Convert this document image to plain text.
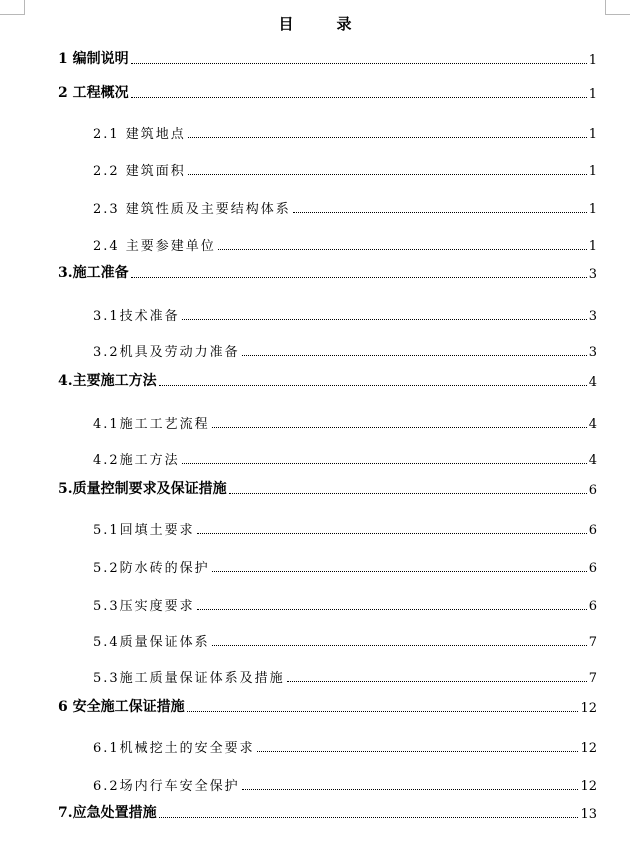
目　录
1 编制说明	1
2 工程概况	1
2.1 建筑地点	1
2.2 建筑面积	1
2.3 建筑性质及主要结构体系	1
2.4 主要参建单位	1
3.施工准备	3
3.1技术准备	3
3.2机具及劳动力准备	3
4.主要施工方法	4
4.1施工工艺流程	4
4.2施工方法	4
5.质量控制要求及保证措施	6
5.1回填土要求	6
5.2防水砖的保护	6
5.3压实度要求	6
5.4质量保证体系	7
5.3施工质量保证体系及措施	7
6 安全施工保证措施	12
6.1机械挖土的安全要求	12
6.2场内行车安全保护	12
7.应急处置措施	13
